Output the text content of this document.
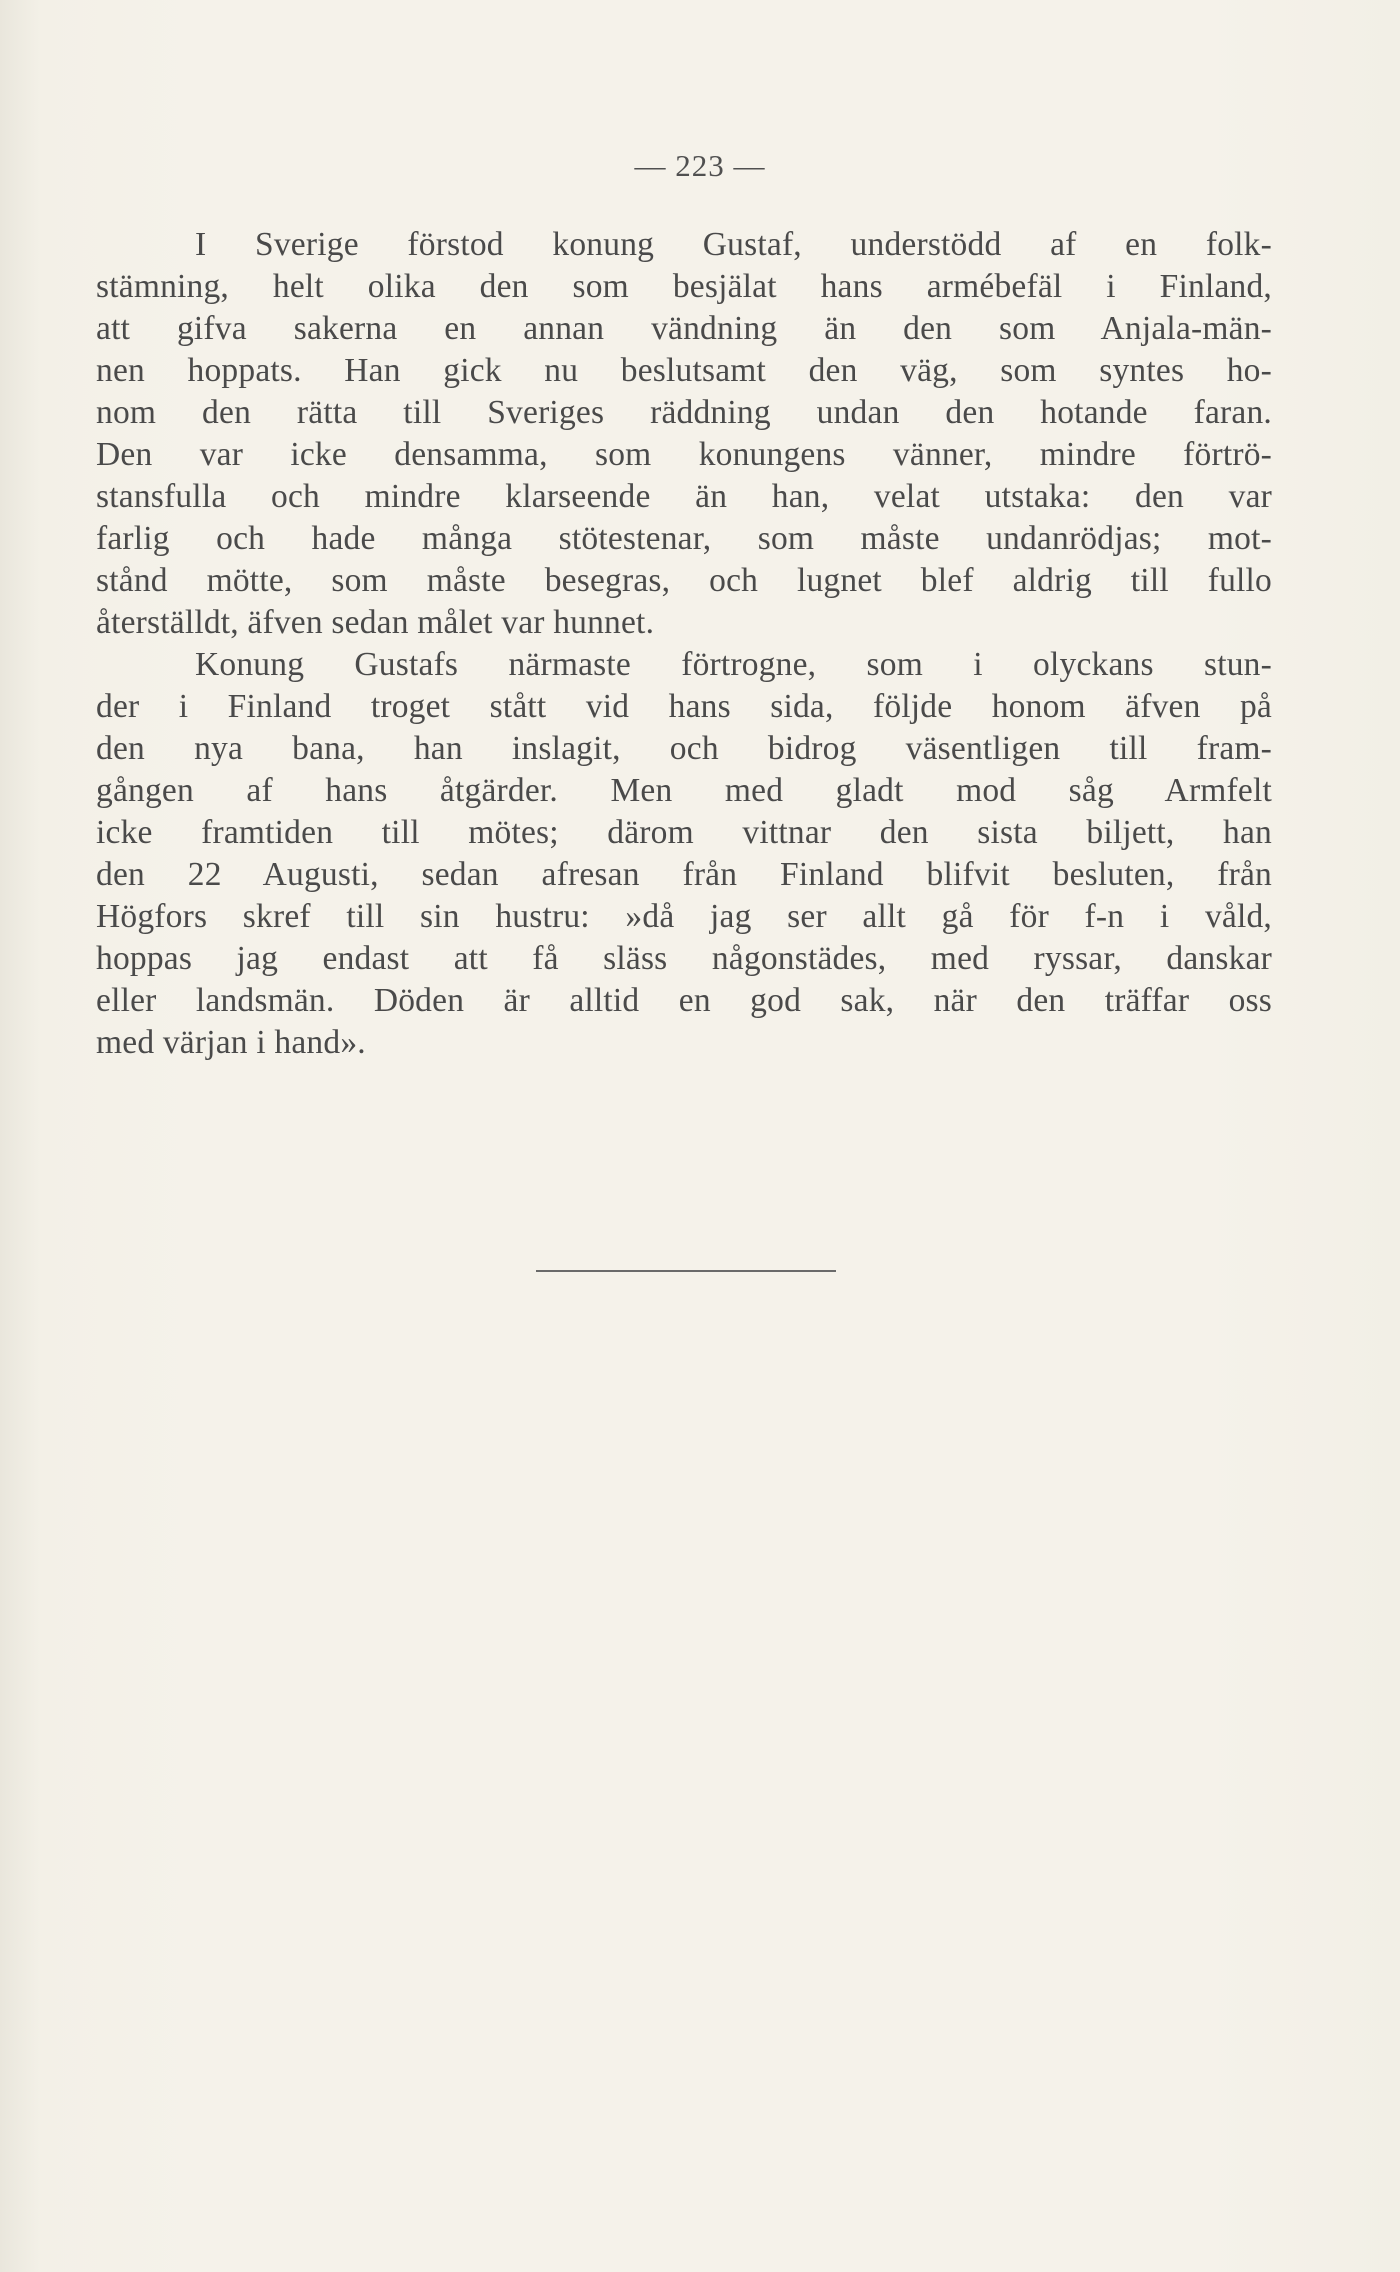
— 223 —
I Sverige förstod konung Gustaf, understödd af en folk-
stämning, helt olika den som besjälat hans armébefäl i Finland,
att gifva sakerna en annan vändning än den som Anjala-män-
nen hoppats. Han gick nu beslutsamt den väg, som syntes ho-
nom den rätta till Sveriges räddning undan den hotande faran.
Den var icke densamma, som konungens vänner, mindre förtrö-
stansfulla och mindre klarseende än han, velat utstaka: den var
farlig och hade många stötestenar, som måste undanrödjas; mot-
stånd mötte, som måste besegras, och lugnet blef aldrig till fullo
återställdt, äfven sedan målet var hunnet.
Konung Gustafs närmaste förtrogne, som i olyckans stun-
der i Finland troget stått vid hans sida, följde honom äfven på
den nya bana, han inslagit, och bidrog väsentligen till fram-
gången af hans åtgärder. Men med gladt mod såg Armfelt
icke framtiden till mötes; därom vittnar den sista biljett, han
den 22 Augusti, sedan afresan från Finland blifvit besluten, från
Högfors skref till sin hustru: »då jag ser allt gå för f-n i våld,
hoppas jag endast att få släss någonstädes, med ryssar, danskar
eller landsmän. Döden är alltid en god sak, när den träffar oss
med värjan i hand».
